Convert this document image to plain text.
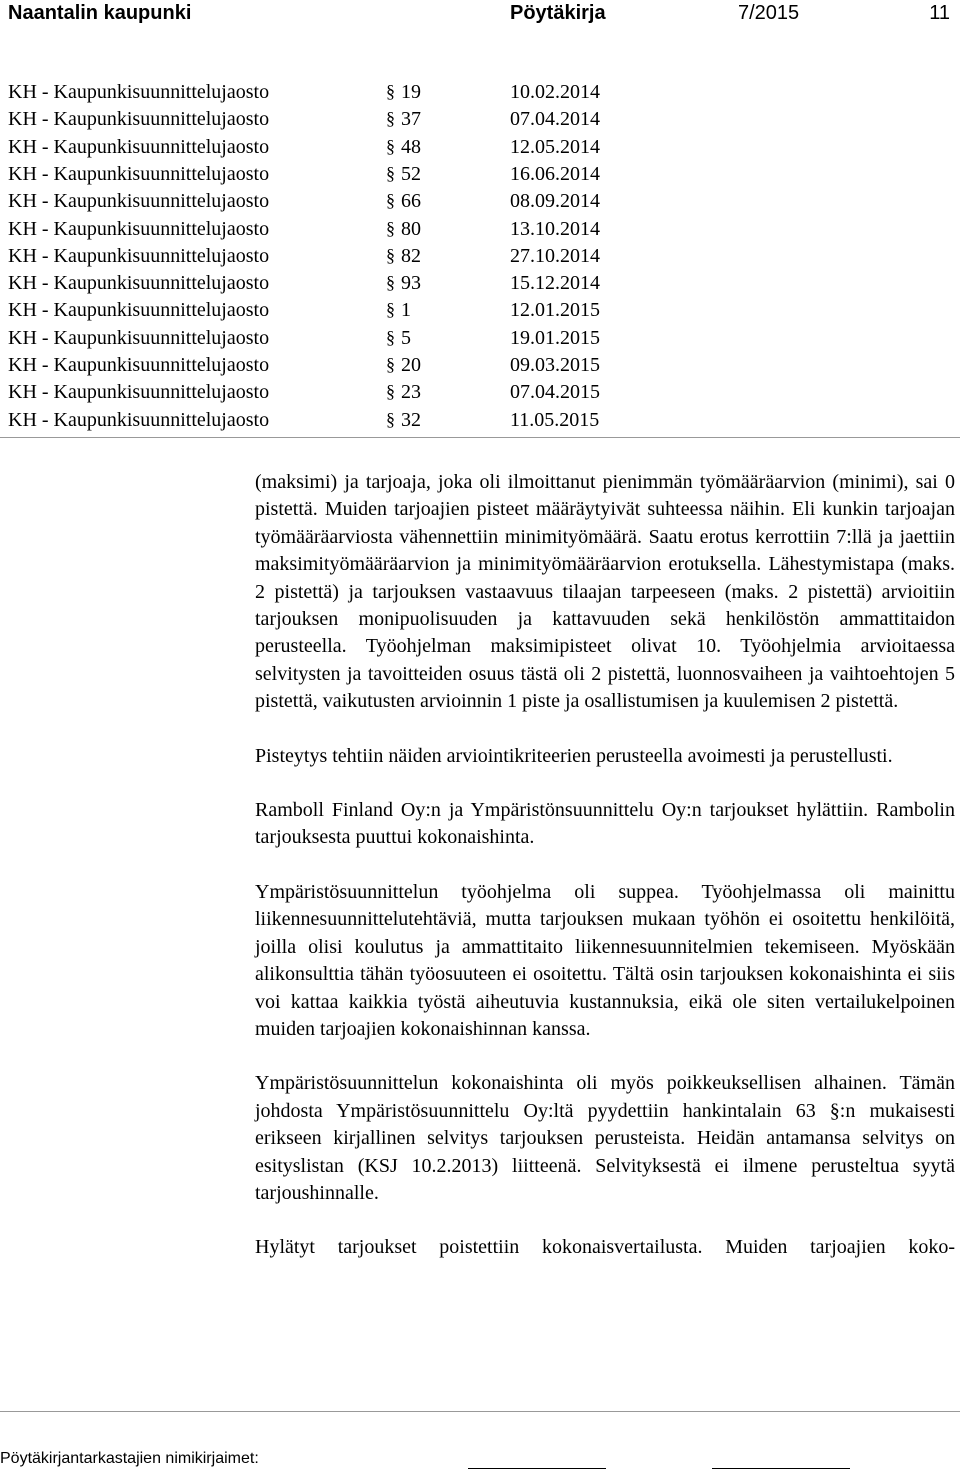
Naantalin kaupunki	Pöytäkirja	7/2015	11
KH - Kaupunkisuunnittelujaosto	§ 19	10.02.2014
KH - Kaupunkisuunnittelujaosto	§ 37	07.04.2014
KH - Kaupunkisuunnittelujaosto	§ 48	12.05.2014
KH - Kaupunkisuunnittelujaosto	§ 52	16.06.2014
KH - Kaupunkisuunnittelujaosto	§ 66	08.09.2014
KH - Kaupunkisuunnittelujaosto	§ 80	13.10.2014
KH - Kaupunkisuunnittelujaosto	§ 82	27.10.2014
KH - Kaupunkisuunnittelujaosto	§ 93	15.12.2014
KH - Kaupunkisuunnittelujaosto	§ 1	12.01.2015
KH - Kaupunkisuunnittelujaosto	§ 5	19.01.2015
KH - Kaupunkisuunnittelujaosto	§ 20	09.03.2015
KH - Kaupunkisuunnittelujaosto	§ 23	07.04.2015
KH - Kaupunkisuunnittelujaosto	§ 32	11.05.2015

(maksimi) ja tarjoaja, joka oli ilmoittanut pienimmän työmääräarvion (minimi), sai 0 pistettä. Muiden tarjoajien pisteet määräytyivät suhteessa näihin. Eli kunkin tarjoajan työmääräarviosta vähennettiin minimityömäärä. Saatu erotus kerrottiin 7:llä ja jaettiin maksimityömääräarvion ja minimityömääräarvion erotuksella. Lähestymistapa (maks. 2 pistettä) ja tarjouksen vastaavuus tilaajan tarpeeseen (maks. 2 pistettä) arvioitiin tarjouksen monipuolisuuden ja kattavuuden sekä henkilöstön ammattitaidon perusteella. Työohjelman maksimipisteet olivat 10. Työohjelmia arvioitaessa selvitysten ja tavoitteiden osuus tästä oli 2 pistettä, luonnosvaiheen ja vaihtoehtojen 5 pistettä, vaikutusten arvioinnin 1 piste ja osallistumisen ja kuulemisen 2 pistettä.

Pisteytys tehtiin näiden arviointikriteerien perusteella avoimesti ja perustellusti.

Ramboll Finland Oy:n ja Ympäristönsuunnittelu Oy:n tarjoukset hylättiin. Rambolin tarjouksesta puuttui kokonaishinta.

Ympäristösuunnittelun työohjelma oli suppea. Työohjelmassa oli mainittu liikennesuunnittelutehtäviä, mutta tarjouksen mukaan työhön ei osoitettu henkilöitä, joilla olisi koulutus ja ammattitaito liikennesuunnitelmien tekemiseen. Myöskään alikonsulttia tähän työosuuteen ei osoitettu. Tältä osin tarjouksen kokonaishinta ei siis voi kattaa kaikkia työstä aiheutuvia kustannuksia, eikä ole siten vertailukelpoinen muiden tarjoajien kokonaishinnan kanssa.

Ympäristösuunnittelun kokonaishinta oli myös poikkeuksellisen alhainen. Tämän johdosta Ympäristösuunnittelu Oy:ltä pyydettiin hankintalain 63 §:n mukaisesti erikseen kirjallinen selvitys tarjouksen perusteista. Heidän antamansa selvitys on esityslistan (KSJ 10.2.2013) liitteenä. Selvityksestä ei ilmene perusteltua syytä tarjoushinnalle.

Hylätyt tarjoukset poistettiin kokonaisvertailusta. Muiden tarjoajien koko-

Pöytäkirjantarkastajien nimikirjaimet:
